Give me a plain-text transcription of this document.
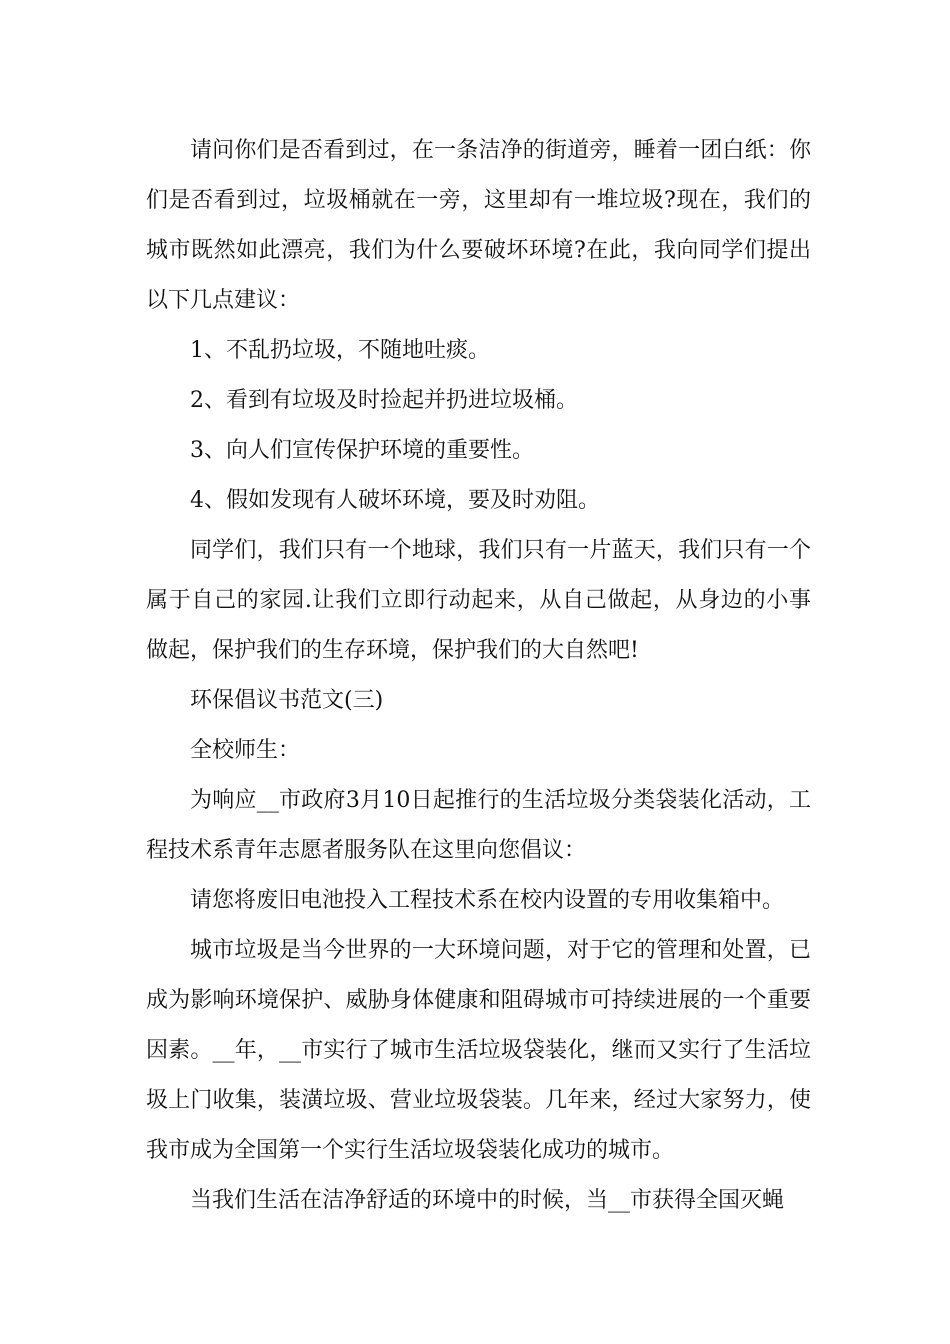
请问你们是否看到过，在一条洁净的街道旁，睡着一团白纸：你们是否看到过，垃圾桶就在一旁，这里却有一堆垃圾?现在，我们的城市既然如此漂亮，我们为什么要破坏环境?在此，我向同学们提出以下几点建议：

1、不乱扔垃圾，不随地吐痰。

2、看到有垃圾及时捡起并扔进垃圾桶。

3、向人们宣传保护环境的重要性。

4、假如发现有人破坏环境，要及时劝阻。

同学们，我们只有一个地球，我们只有一片蓝天，我们只有一个属于自己的家园.让我们立即行动起来，从自己做起，从身边的小事做起，保护我们的生存环境，保护我们的大自然吧!

环保倡议书范文(三)

全校师生：

为响应__市政府3月10日起推行的生活垃圾分类袋装化活动，工程技术系青年志愿者服务队在这里向您倡议：

请您将废旧电池投入工程技术系在校内设置的专用收集箱中。

城市垃圾是当今世界的一大环境问题，对于它的管理和处置，已成为影响环境保护、威胁身体健康和阻碍城市可持续进展的一个重要因素。__年，__市实行了城市生活垃圾袋装化，继而又实行了生活垃圾上门收集，装潢垃圾、营业垃圾袋装。几年来，经过大家努力，使我市成为全国第一个实行生活垃圾袋装化成功的城市。

当我们生活在洁净舒适的环境中的时候，当__市获得全国灭蝇
